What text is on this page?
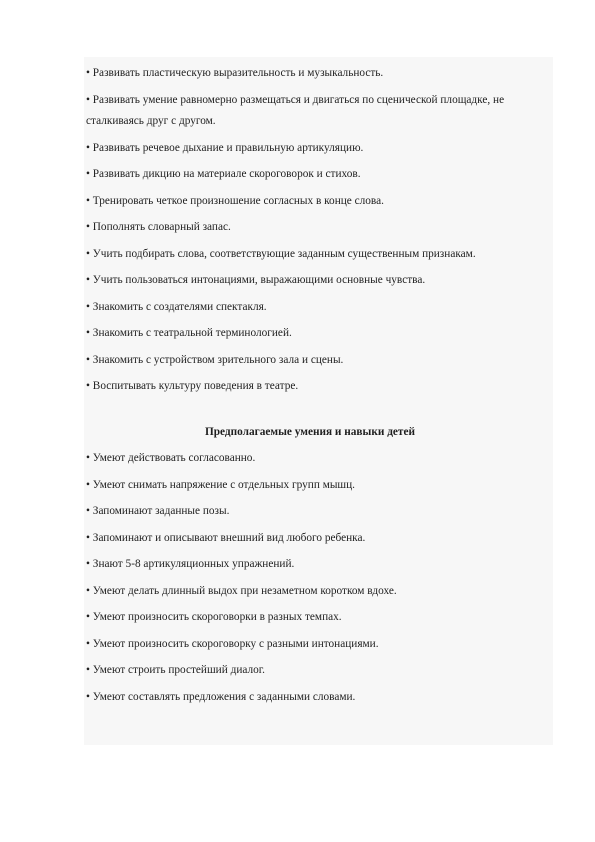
• Развивать пластическую выразительность и музыкальность.
• Развивать умение равномерно размещаться и двигаться по сценической площадке, не сталкиваясь друг с другом.
• Развивать речевое дыхание и правильную артикуляцию.
• Развивать дикцию на материале скороговорок и стихов.
• Тренировать четкое произношение согласных в конце слова.
• Пополнять словарный запас.
• Учить подбирать слова, соответствующие заданным существенным признакам.
• Учить пользоваться интонациями, выражающими основные чувства.
• Знакомить с создателями спектакля.
• Знакомить с театральной терминологией.
• Знакомить с устройством зрительного зала и сцены.
• Воспитывать культуру поведения в театре.
Предполагаемые умения и навыки детей
• Умеют действовать согласованно.
• Умеют снимать напряжение с отдельных групп мышц.
• Запоминают заданные позы.
• Запоминают и описывают внешний вид любого ребенка.
• Знают 5-8 артикуляционных упражнений.
• Умеют делать длинный выдох при незаметном коротком вдохе.
• Умеют произносить скороговорки в разных темпах.
• Умеют произносить скороговорку с разными интонациями.
• Умеют строить простейший диалог.
• Умеют составлять предложения с заданными словами.
